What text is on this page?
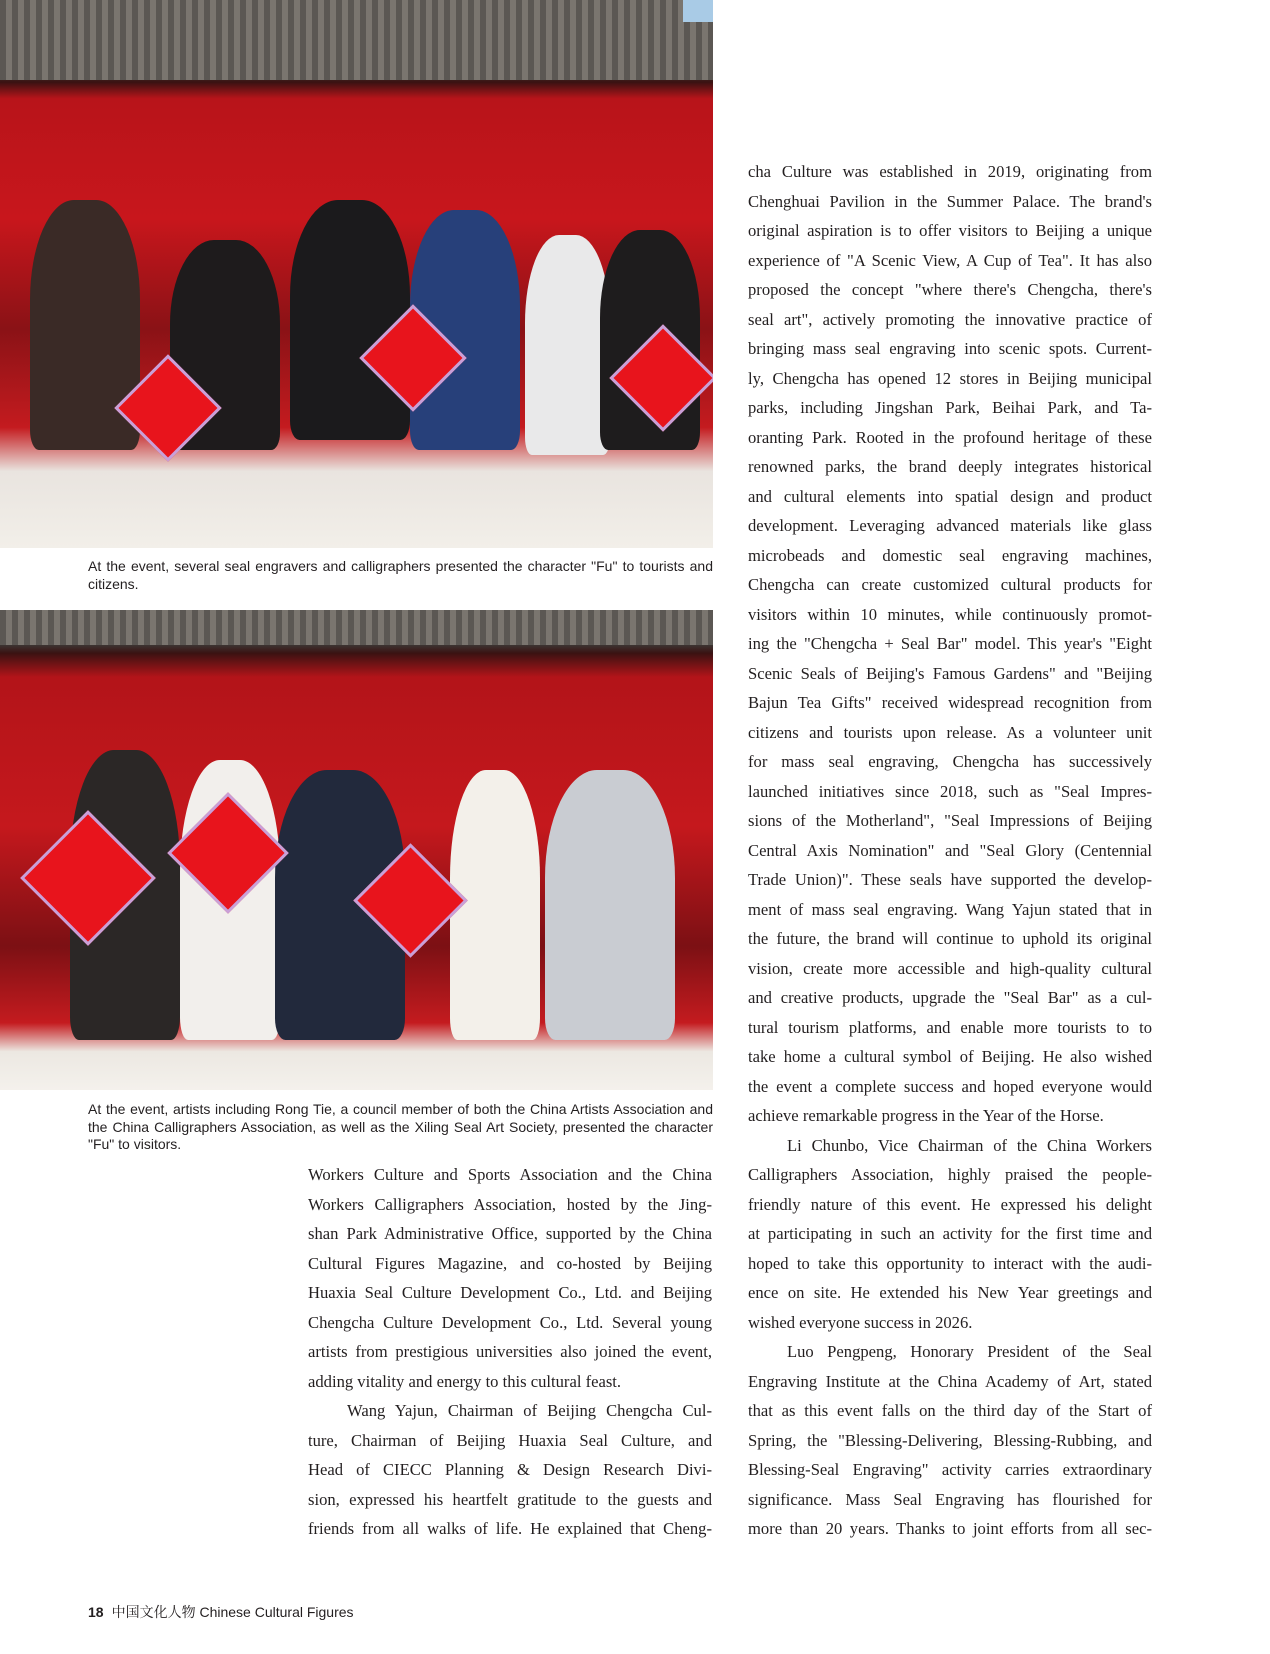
At the event, several seal engravers and calligraphers presented the character "Fu" to tourists and citizens.
At the event, artists including Rong Tie, a council member of both the China Artists Association and the China Calligraphers Association, as well as the Xiling Seal Art Society, presented the character "Fu" to visitors.
Workers Culture and Sports Association and the China
Workers Calligraphers Association, hosted by the Jing-
shan Park Administrative Office, supported by the China
Cultural Figures Magazine, and co-hosted by Beijing
Huaxia Seal Culture Development Co., Ltd. and Beijing
Chengcha Culture Development Co., Ltd. Several young
artists from prestigious universities also joined the event,
adding vitality and energy to this cultural feast.
Wang Yajun, Chairman of Beijing Chengcha Cul-
ture, Chairman of Beijing Huaxia Seal Culture, and
Head of CIECC Planning & Design Research Divi-
sion, expressed his heartfelt gratitude to the guests and
friends from all walks of life. He explained that Cheng-
cha Culture was established in 2019, originating from
Chenghuai Pavilion in the Summer Palace. The brand's
original aspiration is to offer visitors to Beijing a unique
experience of "A Scenic View, A Cup of Tea". It has also
proposed the concept "where there's Chengcha, there's
seal art", actively promoting the innovative practice of
bringing mass seal engraving into scenic spots. Current-
ly, Chengcha has opened 12 stores in Beijing municipal
parks, including Jingshan Park, Beihai Park, and Ta-
oranting Park. Rooted in the profound heritage of these
renowned parks, the brand deeply integrates historical
and cultural elements into spatial design and product
development. Leveraging advanced materials like glass
microbeads and domestic seal engraving machines,
Chengcha can create customized cultural products for
visitors within 10 minutes, while continuously promot-
ing the "Chengcha + Seal Bar" model. This year's "Eight
Scenic Seals of Beijing's Famous Gardens" and "Beijing
Bajun Tea Gifts" received widespread recognition from
citizens and tourists upon release. As a volunteer unit
for mass seal engraving, Chengcha has successively
launched initiatives since 2018, such as "Seal Impres-
sions of the Motherland", "Seal Impressions of Beijing
Central Axis Nomination" and "Seal Glory (Centennial
Trade Union)". These seals have supported the develop-
ment of mass seal engraving. Wang Yajun stated that in
the future, the brand will continue to uphold its original
vision, create more accessible and high-quality cultural
and creative products, upgrade the "Seal Bar" as a cul-
tural tourism platforms, and enable more tourists to to
take home a cultural symbol of Beijing. He also wished
the event a complete success and hoped everyone would
achieve remarkable progress in the Year of the Horse.
Li Chunbo, Vice Chairman of the China Workers
Calligraphers Association, highly praised the people-
friendly nature of this event. He expressed his delight
at participating in such an activity for the first time and
hoped to take this opportunity to interact with the audi-
ence on site. He extended his New Year greetings and
wished everyone success in 2026.
Luo Pengpeng, Honorary President of the Seal
Engraving Institute at the China Academy of Art, stated
that as this event falls on the third day of the Start of
Spring, the "Blessing-Delivering, Blessing-Rubbing, and
Blessing-Seal Engraving" activity carries extraordinary
significance. Mass Seal Engraving has flourished for
more than 20 years. Thanks to joint efforts from all sec-
18 中国文化人物 Chinese Cultural Figures
